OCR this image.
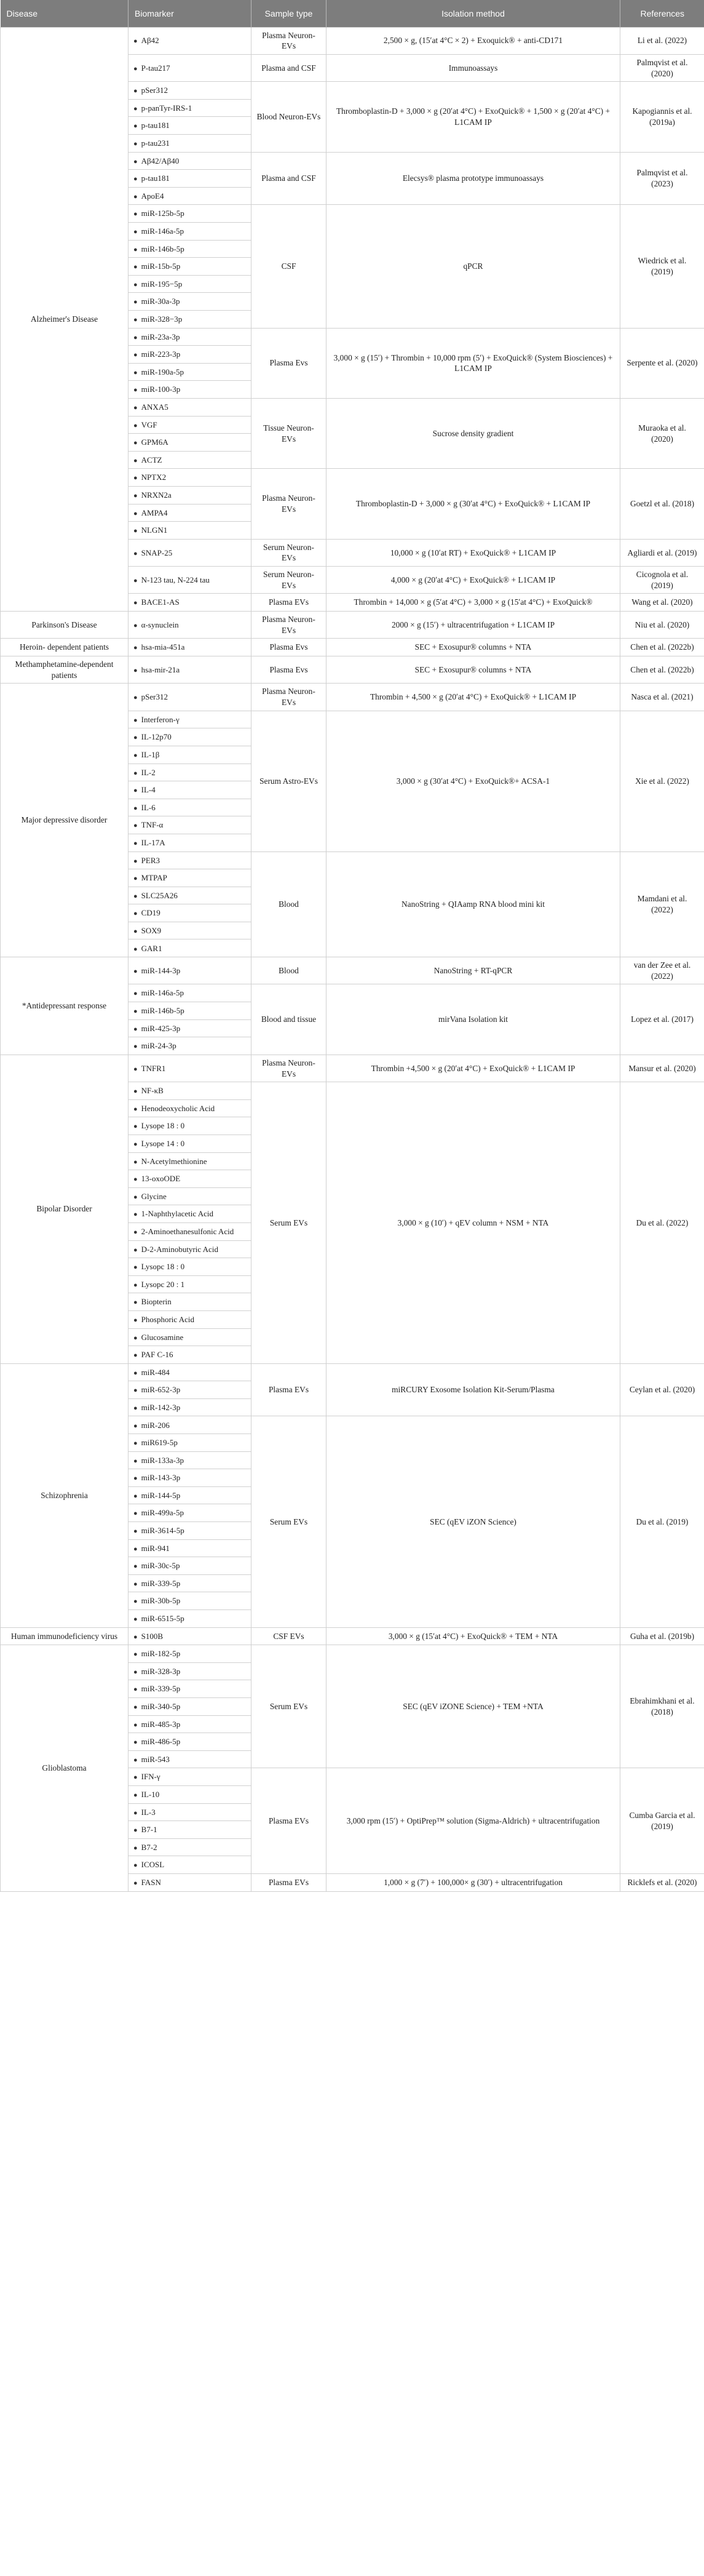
Disease	Biomarker	Sample type	Isolation method	References
Alzheimer's Disease	● Aβ42	Plasma Neuron-EVs	2,500 × g, (15ʹat 4°C × 2) + Exoquick® + anti-CD171	Li et al. (2022)
	● P-tau217	Plasma and CSF	Immunoassays	Palmqvist et al. (2020)
	● pSer312	Blood Neuron-EVs	Thromboplastin-D + 3,000 × g (20ʹat 4°C) + ExoQuick® + 1,500 × g (20ʹat 4°C) + L1CAM IP	Kapogiannis et al. (2019a)
	● p-panTyr-IRS-1			
	● p-tau181			
	● p-tau231			
	● Aβ42/Aβ40	Plasma and CSF	Elecsys® plasma prototype immunoassays	Palmqvist et al. (2023)
	● p-tau181			
	● ApoE4			
	● miR-125b-5p	CSF	qPCR	Wiedrick et al. (2019)
	● miR-146a-5p			
	● miR-146b-5p			
	● miR-15b-5p			
	● miR-195−5p			
	● miR-30a-3p			
	● miR-328−3p			
	● miR-23a-3p	Plasma Evs	3,000 × g (15ʹ) + Thrombin + 10,000 rpm (5ʹ) + ExoQuick® (System Biosciences) + L1CAM IP	Serpente et al. (2020)
	● miR-223-3p			
	● miR-190a-5p			
	● miR-100-3p			
	● ANXA5	Tissue Neuron-EVs	Sucrose density gradient	Muraoka et al. (2020)
	● VGF			
	● GPM6A			
	● ACTZ			
	● NPTX2	Plasma Neuron-EVs	Thromboplastin-D + 3,000 × g (30ʹat 4°C) + ExoQuick® + L1CAM IP	Goetzl et al. (2018)
	● NRXN2a			
	● AMPA4			
	● NLGN1			
	● SNAP-25	Serum Neuron-EVs	10,000 × g (10ʹat RT) + ExoQuick® + L1CAM IP	Agliardi et al. (2019)
	● N-123 tau, N-224 tau	Serum Neuron-EVs	4,000 × g (20ʹat 4°C) + ExoQuick® + L1CAM IP	Cicognola et al. (2019)
	● BACE1-AS	Plasma EVs	Thrombin + 14,000 × g (5ʹat 4°C) + 3,000 × g (15ʹat 4°C) + ExoQuick®	Wang et al. (2020)
Parkinson's Disease	● α-synuclein	Plasma Neuron-EVs	2000 × g (15ʹ) + ultracentrifugation + L1CAM IP	Niu et al. (2020)
Heroin- dependent patients	● hsa-mia-451a	Plasma Evs	SEC + Exosupur® columns + NTA	Chen et al. (2022b)
Methamphetamine-dependent patients	● hsa-mir-21a	Plasma Evs	SEC + Exosupur® columns + NTA	Chen et al. (2022b)
Major depressive disorder	● pSer312	Plasma Neuron-EVs	Thrombin + 4,500 × g (20ʹat 4°C) + ExoQuick® + L1CAM IP	Nasca et al. (2021)
	● Interferon-γ	Serum Astro-EVs	3,000 × g (30ʹat 4°C) + ExoQuick®+ ACSA-1	Xie et al. (2022)
	● IL-12p70			
	● IL-1β			
	● IL-2			
	● IL-4			
	● IL-6			
	● TNF-α			
	● IL-17A			
	● PER3	Blood	NanoString + QIAamp RNA blood mini kit	Mamdani et al.(2022)
	● MTPAP			
	● SLC25A26			
	● CD19			
	● SOX9			
	● GAR1			
*Antidepressant response	● miR-144-3p	Blood	NanoString + RT-qPCR	van der Zee et al. (2022)
	● miR-146a-5p	Blood and tissue	mirVana Isolation kit	Lopez et al. (2017)
	● miR-146b-5p			
	● miR-425-3p			
	● miR-24-3p			
Bipolar Disorder	● TNFR1	Plasma Neuron-EVs	Thrombin +4,500 × g (20ʹat 4°C) + ExoQuick® + L1CAM IP	Mansur et al. (2020)
	● NF-κB	Serum EVs	3,000 × g (10ʹ) + qEV column + NSM + NTA	Du et al. (2022)
	● Henodeoxycholic Acid			
	● Lysope 18 : 0			
	● Lysope 14 : 0			
	● N-Acetylmethionine			
	● 13-oxoODE			
	● Glycine			
	● 1-Naphthylacetic Acid			
	● 2-Aminoethanesulfonic Acid			
	● D-2-Aminobutyric Acid			
	● Lysopc 18 : 0			
	● Lysopc 20 : 1			
	● Biopterin			
	● Phosphoric Acid			
	● Glucosamine			
	● PAF C-16			
Schizophrenia	● miR-484	Plasma EVs	miRCURY Exosome Isolation Kit-Serum/Plasma	Ceylan et al. (2020)
	● miR-652-3p			
	● miR-142-3p			
	● miR-206	Serum EVs	SEC (qEV iZON Science)	Du et al. (2019)
	● miR619-5p			
	● miR-133a-3p			
	● miR-143-3p			
	● miR-144-5p			
	● miR-499a-5p			
	● miR-3614-5p			
	● miR-941			
	● miR-30c-5p			
	● miR-339-5p			
	● miR-30b-5p			
	● miR-6515-5p			
Human immunodeficiency virus	● S100B	CSF EVs	3,000 × g (15ʹat 4°C) + ExoQuick® + TEM + NTA	Guha et al. (2019b)
Glioblastoma	● miR-182-5p	Serum EVs	SEC (qEV iZONE Science) + TEM +NTA	Ebrahimkhani et al. (2018)
	● miR-328-3p			
	● miR-339-5p			
	● miR-340-5p			
	● miR-485-3p			
	● miR-486-5p			
	● miR-543			
	● IFN-γ	Plasma EVs	3,000 rpm (15ʹ) + OptiPrep™ solution (Sigma-Aldrich) + ultracentrifugation	Cumba Garcia et al. (2019)
	● IL-10			
	● IL-3			
	● B7-1			
	● B7-2			
	● ICOSL			
	● FASN	Plasma EVs	1,000 × g (7ʹ) + 100,000× g (30ʹ) + ultracentrifugation	Ricklefs et al. (2020)
